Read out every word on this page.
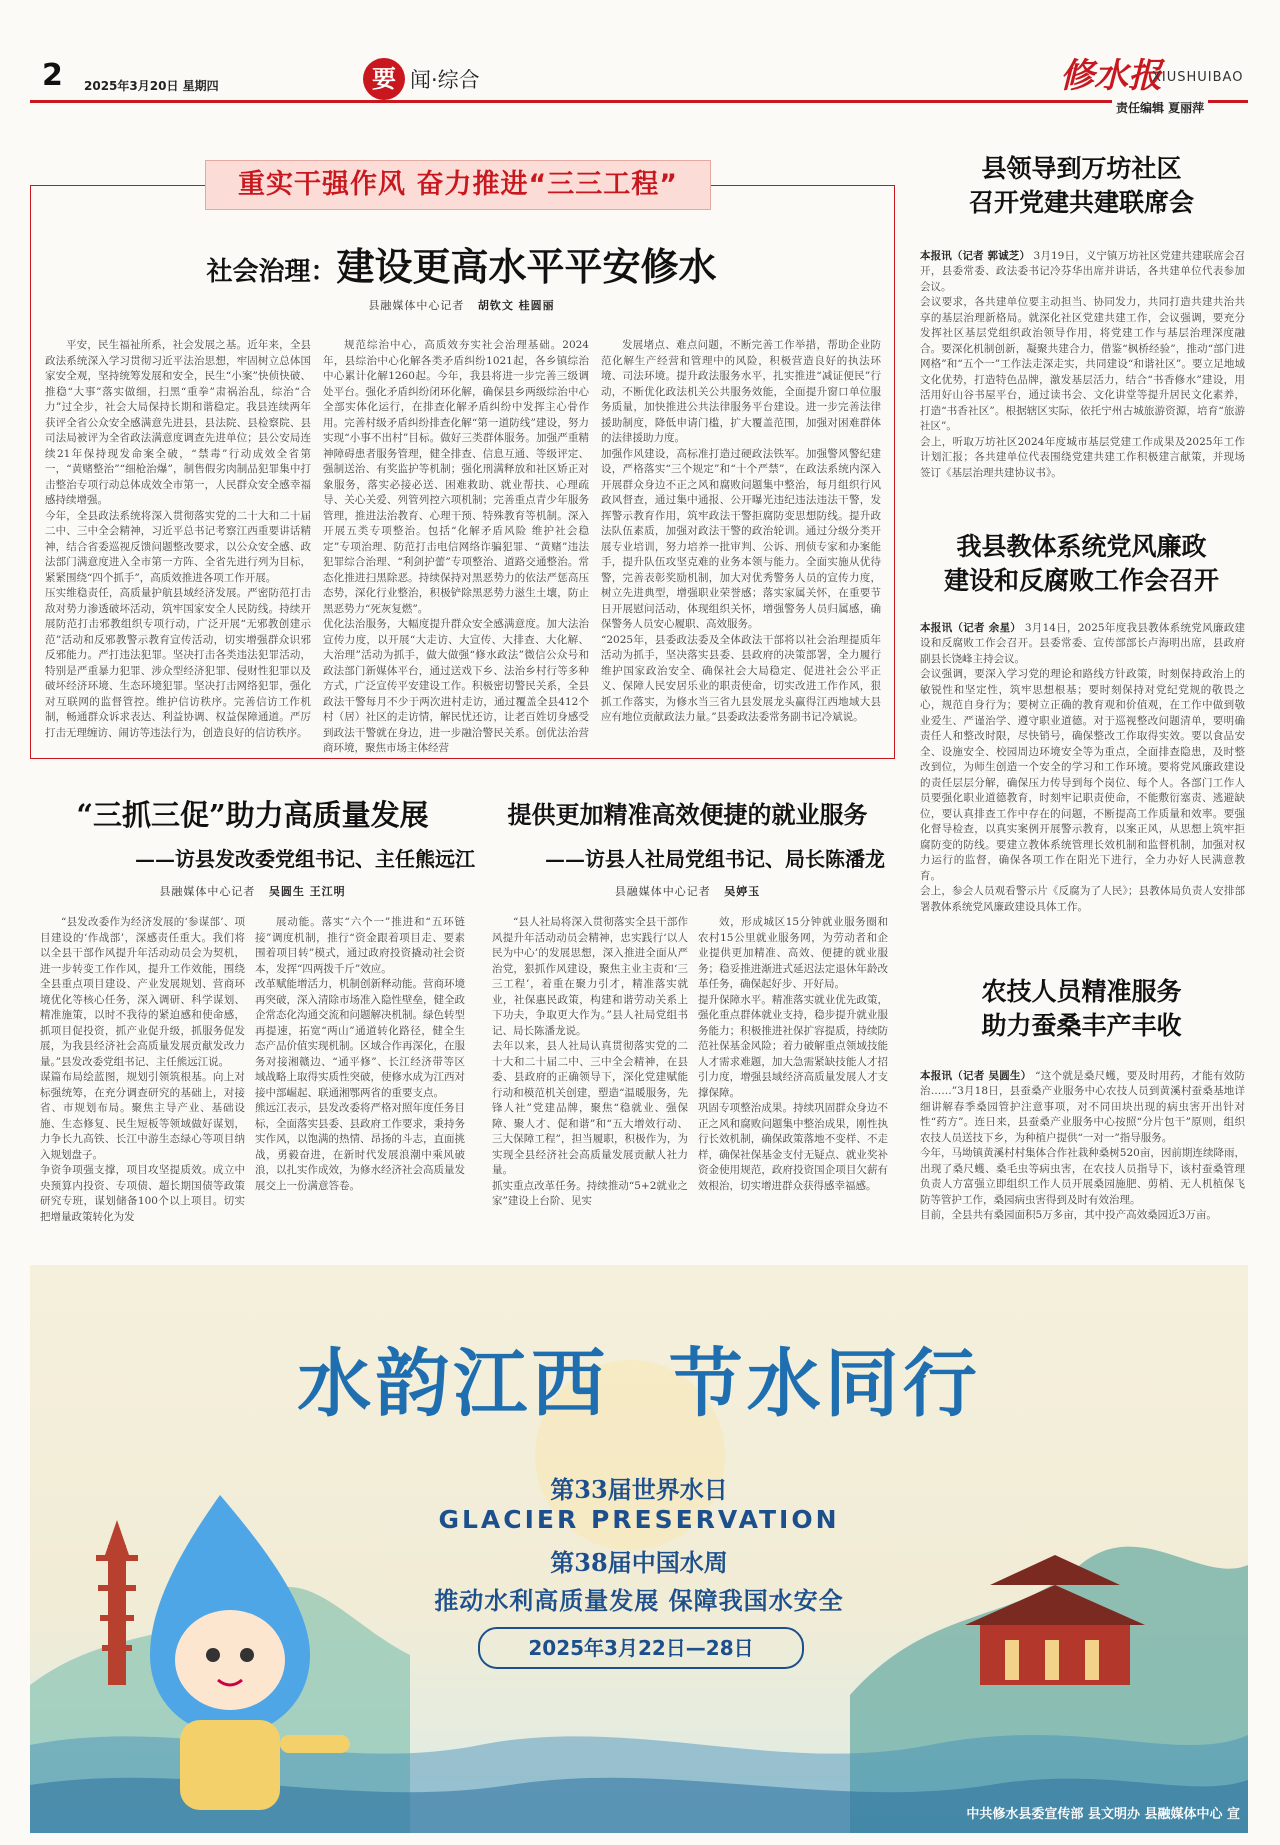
2 2025年3月20日 星期四	要 闻·综合	修水报
XIUSHUIBAO
责任编辑 夏丽萍
重实干强作风 奋力推进“三三工程”
社会治理：建设更高水平平安修水
县融媒体中心记者 胡钦文 桂圆丽
平安，民生福祉所系，社会发展之基。近年来，全县政法系统深入学习贯彻习近平法治思想，牢固树立总体国家安全观，坚持统筹发展和安全，民生“小案”快侦快破、推稳“大事”落实做细，扫黑“重拳”肃祸治乱，综治“合力”过全步，社会大局保持长期和谐稳定。我县连续两年获评全省公众安全感满意先进县，县法院、县检察院、县司法局被评为全省政法满意度调查先进单位；县公安局连续21年保持现发命案全破，“禁毒”行动成效全省第一，“黄赌整治”“细枪治爆”，制售假劣肉制品犯罪集中打击整治专项行动总体成效全市第一，人民群众安全感幸福感持续增强。
今年，全县政法系统将深入贯彻落实党的二十大和二十届二中、三中全会精神，习近平总书记考察江西重要讲话精神，结合省委巡视反馈问题整改要求，以公众安全感、政法部门满意度进入全市第一方阵、全省先进行列为目标，紧紧围绕“四个抓手”，高质效推进各项工作开展。
压实维稳责任，高质量护航县域经济发展。严密防范打击敌对势力渗透破坏活动，筑牢国家安全人民防线。持续开展防范打击邪教组织专项行动，广泛开展“无邪教创建示范”活动和反邪教警示教育宣传活动，切实增强群众识邪反邪能力。严打违法犯罪。坚决打击各类违法犯罪活动，特别是严重暴力犯罪、涉众型经济犯罪、侵财性犯罪以及破坏经济环境、生态环境犯罪。坚决打击网络犯罪，强化对互联网的监督管控。维护信访秩序。完善信访工作机制，畅通群众诉求表达、利益协调、权益保障通道。严厉打击无理缠访、闹访等违法行为，创造良好的信访秩序。
规范综治中心，高质效夯实社会治理基础。2024年，县综治中心化解各类矛盾纠纷1021起，各乡镇综治中心累计化解1260起。今年，我县将进一步完善三级调处平台。强化矛盾纠纷闭环化解，确保县乡两级综治中心全部实体化运行，在排查化解矛盾纠纷中发挥主心骨作用。完善村级矛盾纠纷排查化解“第一道防线”建设，努力实现“小事不出村”目标。做好三类群体服务。加强严重精神障碍患者服务管理，健全排查、信息互通、等级评定、强制送治、有奖监护等机制；强化刑满释放和社区矫正对象服务，落实必接必送、困难救助、就业帮扶、心理疏导、关心关爱、列管列控六项机制；完善重点青少年服务管理，推进法治教育、心理干预、特殊教育等机制。深入开展五类专项整治。包括“化解矛盾风险 维护社会稳定”专项治理、防范打击电信网络诈骗犯罪、“黄赌”违法犯罪综合治理、“利剑护蕾”专项整治、道路交通整治。常态化推进扫黑除恶。持续保持对黑恶势力的依法严惩高压态势，深化行业整治，积极铲除黑恶势力滋生土壤，防止黑恶势力“死灰复燃”。
优化法治服务，大幅度提升群众安全感满意度。加大法治宣传力度，以开展“大走访、大宣传、大排查、大化解、大治理”活动为抓手，做大做强“修水政法”微信公众号和政法部门新媒体平台，通过送戏下乡、法治乡村行等多种方式，广泛宣传平安建设工作。积极密切警民关系，全县政法干警每月不少于两次进村走访，通过覆盖全县412个村（居）社区的走访情，解民忧还访，让老百姓切身感受到政法干警就在身边，进一步融洽警民关系。创优法治营商环境，聚焦市场主体经营
发展堵点、难点问题，不断完善工作举措，帮助企业防范化解生产经营和管理中的风险，积极营造良好的执法环境、司法环境。提升政法服务水平，扎实推进“减证便民”行动，不断优化政法机关公共服务效能，全面提升窗口单位服务质量，加快推进公共法律服务平台建设。进一步完善法律援助制度，降低申请门槛，扩大覆盖范围，加强对困难群体的法律援助力度。
加强作风建设，高标准打造过硬政法铁军。加强警风警纪建设，严格落实“三个规定”和“十个严禁”，在政法系统内深入开展群众身边不正之风和腐败问题集中整治，每月组织行风政风督查，通过集中通报、公开曝光违纪违法违法干警，发挥警示教育作用，筑牢政法干警拒腐防变思想防线。提升政法队伍素质，加强对政法干警的政治轮训。通过分级分类开展专业培训，努力培养一批审判、公诉、刑侦专家和办案能手，提升队伍攻坚克难的业务本领与能力。全面实施从优待警，完善表彰奖励机制，加大对优秀警务人员的宣传力度，树立先进典型，增强职业荣誉感；落实家属关怀，在重要节日开展慰问活动，体现组织关怀，增强警务人员归属感，确保警务人员安心履职、高效服务。
“2025年，县委政法委及全体政法干部将以社会治理提质年活动为抓手，坚决落实县委、县政府的决策部署，全力履行维护国家政治安全、确保社会大局稳定、促进社会公平正义、保障人民安居乐业的职责使命，切实改进工作作风，狠抓工作落实，为修水当三省九县发展龙头赢得江西地域大县应有地位贡献政法力量。”县委政法委常务副书记冷斌说。
“三抓三促”助力高质量发展
——访县发改委党组书记、主任熊远江
县融媒体中心记者 吴圆生 王江明
“县发改委作为经济发展的‘参谋部’、项目建设的‘作战部’，深感责任重大。我们将以全县干部作风提升年活动动员会为契机，进一步转变工作作风，提升工作效能，围绕全县重点项目建设、产业发展规划、营商环境优化等核心任务，深入调研、科学谋划、精准施策，以时不我待的紧迫感和使命感，抓项目促投资，抓产业促升级，抓服务促发展，为我县经济社会高质量发展贡献发改力量。”县发改委党组书记、主任熊远江说。
谋篇布局绘蓝图，规划引领筑根基。向上对标强统筹，在充分调查研究的基础上，对接省、市规划布局。聚焦主导产业、基础设施、生态修复、民生短板等领域做好谋划，力争长九高铁、长江中游生态绿心等项目纳入规划盘子。
争资争项强支撑，项目攻坚提质效。成立中央预算内投资、专项债、超长期国债等政策研究专班，谋划储备100个以上项目。切实把增量政策转化为发
展动能。落实“六个一”推进和“五环链接”调度机制，推行“资金跟着项目走、要素围着项目转”模式，通过政府投资撬动社会资本，发挥“四两拨千斤”效应。
改革赋能增活力，机制创新释动能。营商环境再突破，深入清除市场准入隐性壁垒，健全政企常态化沟通交流和问题解决机制。绿色转型再提速，拓宽“两山”通道转化路径，健全生态产品价值实现机制。区域合作再深化，在服务对接湘赣边、“通平修”、长江经济带等区域战略上取得实质性突破，使修水成为江西对接中部崛起、联通湘鄂两省的重要支点。
熊远江表示，县发改委将严格对照年度任务目标，全面落实县委、县政府工作要求，秉持务实作风，以饱满的热情、昂扬的斗志，直面挑战，勇毅奋进，在新时代发展浪潮中乘风破浪，以扎实作成效，为修水经济社会高质量发展交上一份满意答卷。
提供更加精准高效便捷的就业服务
——访县人社局党组书记、局长陈潘龙
县融媒体中心记者 吴婷玉
“县人社局将深入贯彻落实全县干部作风提升年活动动员会精神，忠实践行‘以人民为中心’的发展思想，深入推进全面从严治党，狠抓作风建设，聚焦主业主责和‘三三工程’，着重在聚力引才，精准落实就业，社保惠民政策，构建和谐劳动关系上下功夫，争取更大作为。”县人社局党组书记、局长陈潘龙说。
去年以来，县人社局认真贯彻落实党的二十大和二十届二中、三中全会精神，在县委、县政府的正确领导下，深化党建赋能行动和模范机关创建，塑造“温暖服务，先锋人社”党建品牌，聚焦“稳就业、强保障、聚人才、促和谐”和“五大增效行动、三大保障工程”，担当履职，积极作为，为实现全县经济社会高质量发展贡献人社力量。
抓实重点改革任务。持续推动“5+2就业之家”建设上台阶、见实
效，形成城区15分钟就业服务圈和农村15公里就业服务网，为劳动者和企业提供更加精准、高效、便捷的就业服务；稳妥推进渐进式延迟法定退休年龄改革任务，确保起好步、开好局。
提升保障水平。精准落实就业优先政策，强化重点群体就业支持，稳步提升就业服务能力；积极推进社保扩容提质，持续防范社保基金风险；着力破解重点领域技能人才需求难题，加大急需紧缺技能人才招引力度，增强县域经济高质量发展人才支撑保障。
巩固专项整治成果。持续巩固群众身边不正之风和腐败问题集中整治成果，刚性执行长效机制，确保政策落地不变样、不走样，确保社保基金支付无疑点、就业奖补资金使用规范，政府投资国企项目欠薪有效根治，切实增进群众获得感幸福感。
县领导到万坊社区
召开党建共建联席会

本报讯（记者 郭诚芝） 3月19日，义宁镇万坊社区党建共建联席会召开，县委常委、政法委书记冷芬华出席并讲话，各共建单位代表参加会议。
会议要求，各共建单位要主动担当、协同发力，共同打造共建共治共享的基层治理新格局。就深化社区党建共建工作，会议强调，要充分发挥社区基层党组织政治领导作用，将党建工作与基层治理深度融合。要深化机制创新，凝聚共建合力，借鉴“枫桥经验”，推动“部门进网格”和“五个一”工作法走深走实，共同建设“和谐社区”。要立足地域文化优势，打造特色品牌，激发基层活力，结合“书香修水”建设，用活用好山谷书屋平台，通过读书会、文化讲堂等提升居民文化素养，打造“书香社区”。根据辖区实际，依托宁州古城旅游资源，培育“旅游社区”。
会上，听取万坊社区2024年度城市基层党建工作成果及2025年工作计划汇报；各共建单位代表围绕党建共建工作积极建言献策，并现场签订《基层治理共建协议书》。

我县教体系统党风廉政
建设和反腐败工作会召开

本报讯（记者 余星） 3月14日，2025年度我县教体系统党风廉政建设和反腐败工作会召开。县委常委、宣传部部长卢海明出席，县政府副县长饶峰主持会议。
会议强调，要深入学习党的理论和路线方针政策，时刻保持政治上的敏锐性和坚定性，筑牢思想根基；要时刻保持对党纪党规的敬畏之心，规范自身行为；要树立正确的教育观和价值观，在工作中做到敬业爱生、严谨治学、遵守职业道德。对于巡视整改问题清单，要明确责任人和整改时限，尽快销号，确保整改工作取得实效。要以食品安全、设施安全、校园周边环境安全等为重点，全面排查隐患，及时整改到位，为师生创造一个安全的学习和工作环境。要将党风廉政建设的责任层层分解，确保压力传导到每个岗位、每个人。各部门工作人员要强化职业道德教育，时刻牢记职责使命，不能敷衍塞责、逃避缺位，要认真排查工作中存在的问题，不断提高工作质量和效率。要强化督导检查，以真实案例开展警示教育，以案正风，从思想上筑牢拒腐防变的防线。要建立教体系统管理长效机制和监督机制，加强对权力运行的监督，确保各项工作在阳光下进行，全力办好人民满意教育。
会上，参会人员观看警示片《反腐为了人民》；县教体局负责人安排部署教体系统党风廉政建设具体工作。

农技人员精准服务
助力蚕桑丰产丰收

本报讯（记者 吴圆生） “这个就是桑尺蠖，要及时用药，才能有效防治……”3月18日，县蚕桑产业服务中心农技人员到黄溪村蚕桑基地详细讲解春季桑园管护注意事项，对不同田块出现的病虫害开出针对性“药方”。连日来，县蚕桑产业服务中心按照“分片包干”原则，组织农技人员送技下乡，为种植户提供“一对一”指导服务。
今年，马坳镇黄溪村村集体合作社栽种桑树520亩，因前期连续降雨，出现了桑尺蠖、桑毛虫等病虫害，在农技人员指导下，该村蚕桑管理负责人方富强立即组织工作人员开展桑园施肥、剪梢、无人机植保飞防等管护工作，桑园病虫害得到及时有效治理。
目前，全县共有桑园面积5万多亩，其中投产高效桑园近3万亩。

水韵江西 节水同行
第33届世界水日
GLACIER PRESERVATION
第38届中国水周
推动水利高质量发展 保障我国水安全
2025年3月22日—28日
中共修水县委宣传部 县文明办 县融媒体中心 宣
